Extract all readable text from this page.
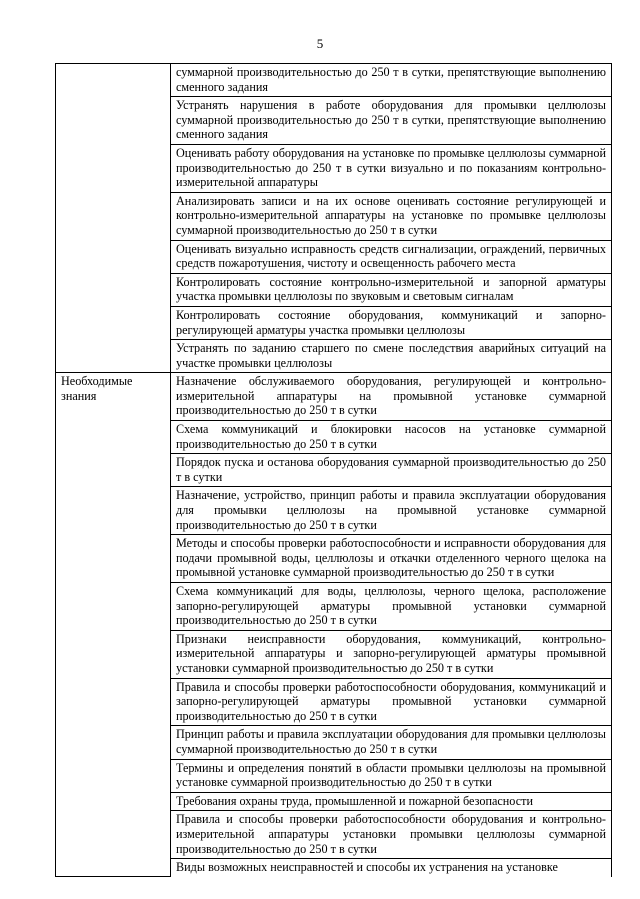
5
	суммарной производительностью до 250 т в сутки, препятствующие выполнению сменного задания
	Устранять нарушения в работе оборудования для промывки целлюлозы суммарной производительностью до 250 т в сутки, препятствующие выполнению сменного задания
	Оценивать работу оборудования на установке по промывке целлюлозы суммарной производительностью до 250 т в сутки визуально и по показаниям контрольно-измерительной аппаратуры
	Анализировать записи и на их основе оценивать состояние регулирующей и контрольно-измерительной аппаратуры на установке по промывке целлюлозы суммарной производительностью до 250 т в сутки
	Оценивать визуально исправность средств сигнализации, ограждений, первичных средств пожаротушения, чистоту и освещенность рабочего места
	Контролировать состояние контрольно-измерительной и запорной арматуры участка промывки целлюлозы по звуковым и световым сигналам
	Контролировать состояние оборудования, коммуникаций и запорно-регулирующей арматуры участка промывки целлюлозы
	Устранять по заданию старшего по смене последствия аварийных ситуаций на участке промывки целлюлозы
Необходимые знания	Назначение обслуживаемого оборудования, регулирующей и контрольно-измерительной аппаратуры на промывной установке суммарной производительностью до 250 т в сутки
	Схема коммуникаций и блокировки насосов на установке суммарной производительностью до 250 т в сутки
	Порядок пуска и останова оборудования суммарной производительностью до 250 т в сутки
	Назначение, устройство, принцип работы и правила эксплуатации оборудования для промывки целлюлозы на промывной установке суммарной производительностью до 250 т в сутки
	Методы и способы проверки работоспособности и исправности оборудования для подачи промывной воды, целлюлозы и откачки отделенного черного щелока на промывной установке суммарной производительностью до 250 т в сутки
	Схема коммуникаций для воды, целлюлозы, черного щелока, расположение запорно-регулирующей арматуры промывной установки суммарной производительностью до 250 т в сутки
	Признаки неисправности оборудования, коммуникаций, контрольно-измерительной аппаратуры и запорно-регулирующей арматуры промывной установки суммарной производительностью до 250 т в сутки
	Правила и способы проверки работоспособности оборудования, коммуникаций и запорно-регулирующей арматуры промывной установки суммарной производительностью до 250 т в сутки
	Принцип работы и правила эксплуатации оборудования для промывки целлюлозы суммарной производительностью до 250 т в сутки
	Термины и определения понятий в области промывки целлюлозы на промывной установке суммарной производительностью до 250 т в сутки
	Требования охраны труда, промышленной и пожарной безопасности
	Правила и способы проверки работоспособности оборудования и контрольно-измерительной аппаратуры установки промывки целлюлозы суммарной производительностью до 250 т в сутки
	Виды возможных неисправностей и способы их устранения на установке
